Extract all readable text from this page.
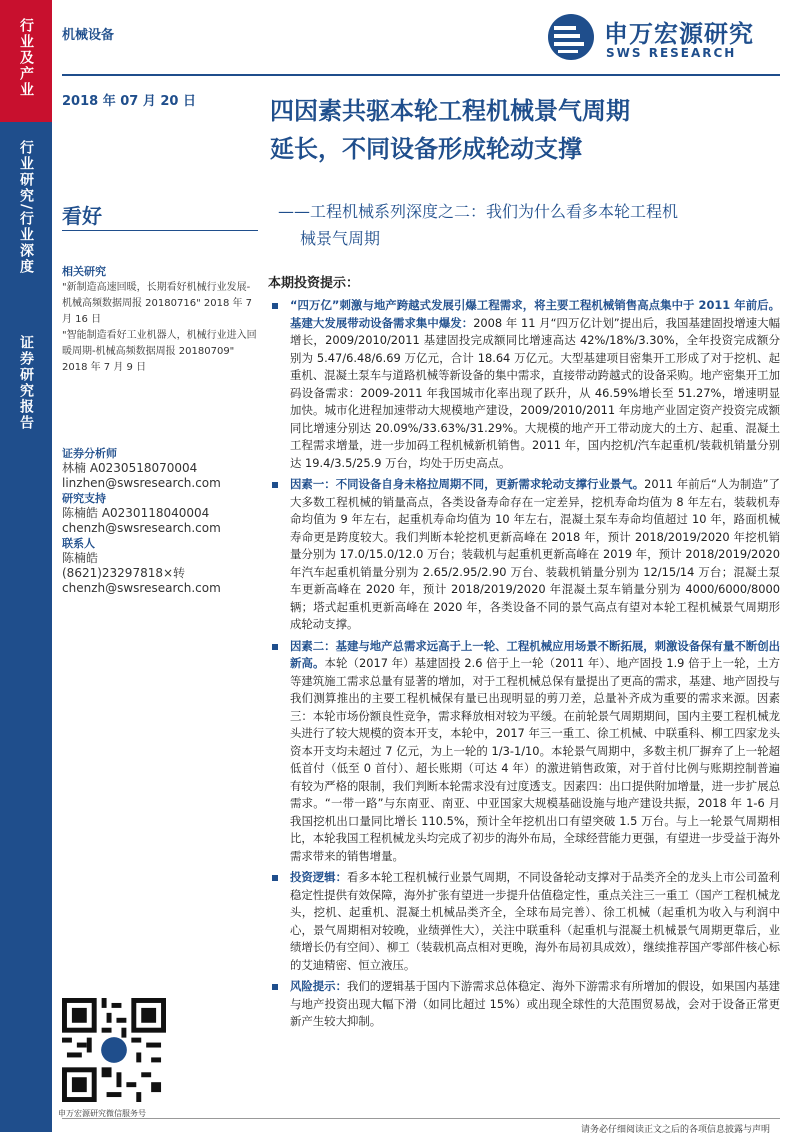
行业及产业
行业研究/行业深度
证券研究报告
机械设备	申万宏源研究
SWS RESEARCH
2018 年 07 月 20 日	四因素共驱本轮工程机械景气周期
延长，不同设备形成轮动支撑
——工程机械系列深度之二：我们为什么看多本轮工程机
械景气周期
看好
相关研究
"新制造高速回暖，长期看好机械行业发展-机械高频数据周报 20180716" 2018 年 7 月 16 日
"智能制造看好工业机器人，机械行业进入回暖周期-机械高频数据周报 20180709" 2018 年 7 月 9 日
证券分析师
林楠 A0230518070004
linzhen@swsresearch.com
研究支持
陈楠皓 A0230118040004
chenzh@swsresearch.com
联系人
陈楠皓
(8621)23297818×转
chenzh@swsresearch.com
申万宏源研究微信服务号
本期投资提示：
“四万亿”刺激与地产跨越式发展引爆工程需求，将主要工程机械销售高点集中于 2011 年前后。基建大发展带动设备需求集中爆发：2008 年 11 月“四万亿计划”提出后，我国基建固投增速大幅增长，2009/2010/2011 基建固投完成额同比增速高达 42%/18%/3.30%，全年投资完成额分别为 5.47/6.48/6.69 万亿元，合计 18.64 万亿元。大型基建项目密集开工形成了对于挖机、起重机、混凝土泵车与道路机械等新设备的集中需求，直接带动跨越式的设备采购。地产密集开工加码设备需求：2009-2011 年我国城市化率出现了跃升，从 46.59%增长至 51.27%，增速明显加快。城市化进程加速带动大规模地产建设，2009/2010/2011 年房地产业固定资产投资完成额同比增速分别达 20.09%/33.63%/31.29%。大规模的地产开工带动庞大的土方、起重、混凝土工程需求增量，进一步加码工程机械新机销售。2011 年，国内挖机/汽车起重机/装载机销量分别达 19.4/3.5/25.9 万台，均处于历史高点。
因素一：不同设备自身未格拉周期不同，更新需求轮动支撑行业景气。2011 年前后“人为制造”了大多数工程机械的销量高点，各类设备寿命存在一定差异，挖机寿命均值为 8 年左右，装载机寿命均值为 9 年左右，起重机寿命均值为 10 年左右，混凝土泵车寿命均值超过 10 年，路面机械寿命更是跨度较大。我们判断本轮挖机更新高峰在 2018 年，预计 2018/2019/2020 年挖机销量分别为 17.0/15.0/12.0 万台；装载机与起重机更新高峰在 2019 年，预计 2018/2019/2020 年汽车起重机销量分别为 2.65/2.95/2.90 万台、装载机销量分别为 12/15/14 万台；混凝土泵车更新高峰在 2020 年，预计 2018/2019/2020 年混凝土泵车销量分别为 4000/6000/8000 辆；塔式起重机更新高峰在 2020 年，各类设备不同的景气高点有望对本轮工程机械景气周期形成轮动支撑。
因素二：基建与地产总需求远高于上一轮、工程机械应用场景不断拓展，刺激设备保有量不断创出新高。本轮（2017 年）基建固投 2.6 倍于上一轮（2011 年）、地产固投 1.9 倍于上一轮，土方等建筑施工需求总量有显著的增加，对于工程机械总保有量提出了更高的需求，基建、地产固投与我们测算推出的主要工程机械保有量已出现明显的剪刀差，总量补齐成为重要的需求来源。因素三：本轮市场份额良性竞争，需求释放相对较为平缓。在前轮景气周期期间，国内主要工程机械龙头进行了较大规模的资本开支，本轮中，2017 年三一重工、徐工机械、中联重科、柳工四家龙头资本开支均未超过 7 亿元，为上一轮的 1/3-1/10。本轮景气周期中，多数主机厂摒弃了上一轮超低首付（低至 0 首付）、超长账期（可达 4 年）的激进销售政策，对于首付比例与账期控制普遍有较为严格的限制，我们判断本轮需求没有过度透支。因素四：出口提供附加增量，进一步扩展总需求。“一带一路”与东南亚、南亚、中亚国家大规模基础设施与地产建设共振，2018 年 1-6 月我国挖机出口量同比增长 110.5%，预计全年挖机出口有望突破 1.5 万台。与上一轮景气周期相比，本轮我国工程机械龙头均完成了初步的海外布局，全球经营能力更强，有望进一步受益于海外需求带来的销售增量。
投资逻辑：看多本轮工程机械行业景气周期，不同设备轮动支撑对于品类齐全的龙头上市公司盈利稳定性提供有效保障，海外扩张有望进一步提升估值稳定性，重点关注三一重工（国产工程机械龙头，挖机、起重机、混凝土机械品类齐全，全球布局完善）、徐工机械（起重机为收入与利润中心，景气周期相对较晚，业绩弹性大），关注中联重科（起重机与混凝土机械景气周期更靠后，业绩增长仍有空间）、柳工（装载机高点相对更晚，海外布局初具成效），继续推荐国产零部件核心标的艾迪精密、恒立液压。
风险提示：我们的逻辑基于国内下游需求总体稳定、海外下游需求有所增加的假设，如果国内基建与地产投资出现大幅下滑（如同比超过 15%）或出现全球性的大范围贸易战，会对于设备正常更新产生较大抑制。
请务必仔细阅读正文之后的各项信息披露与声明
